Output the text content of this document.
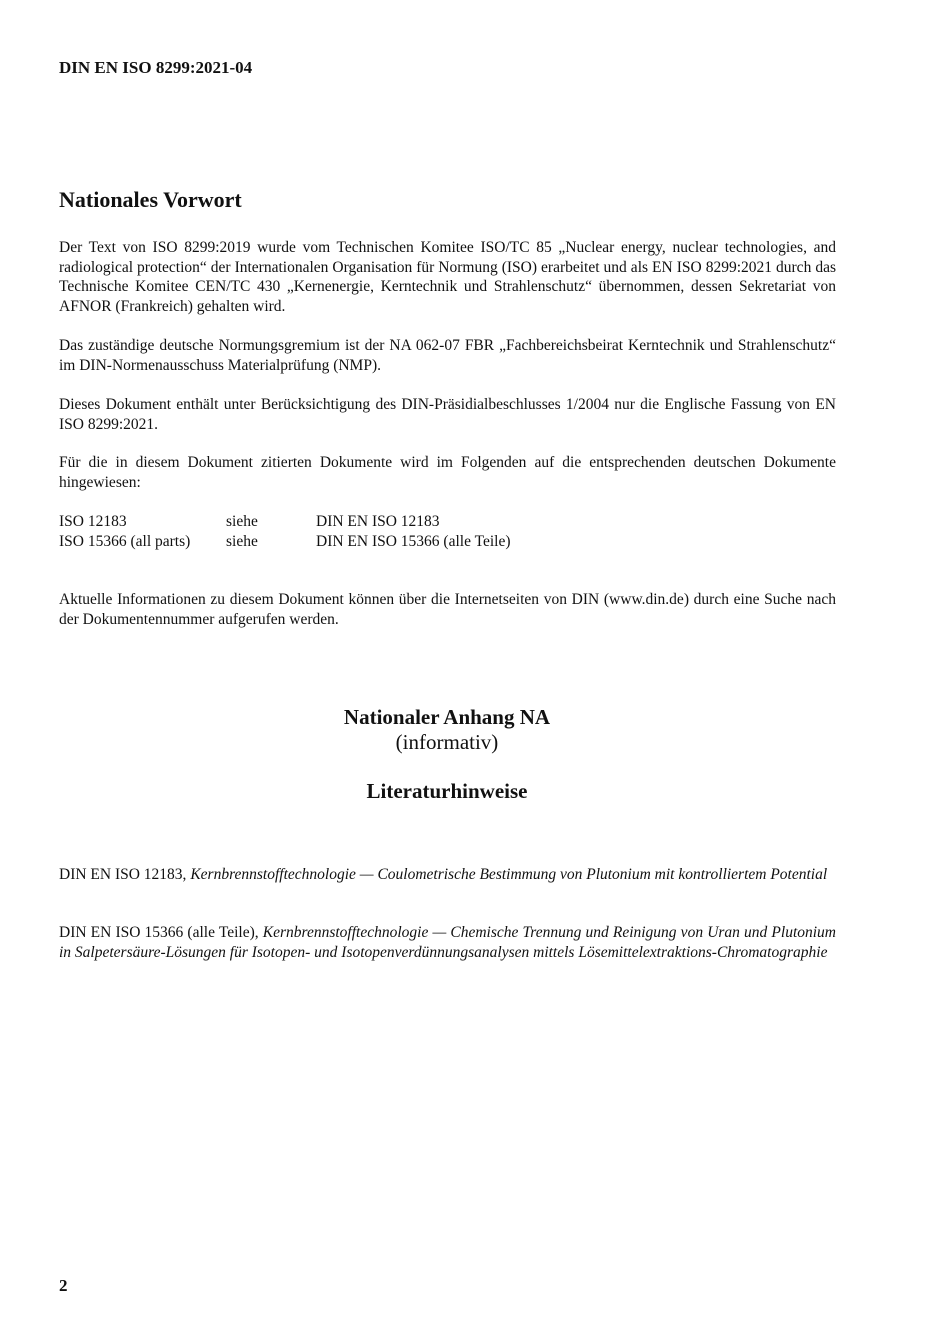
DIN EN ISO 8299:2021-04
Nationales Vorwort

Der Text von ISO 8299:2019 wurde vom Technischen Komitee ISO/TC 85 „Nuclear energy, nuclear technologies, and radiological protection“ der Internationalen Organisation für Normung (ISO) erarbeitet und als EN ISO 8299:2021 durch das Technische Komitee CEN/TC 430 „Kernenergie, Kerntechnik und Strahlenschutz“ übernommen, dessen Sekretariat von AFNOR (Frankreich) gehalten wird.

Das zuständige deutsche Normungsgremium ist der NA 062-07 FBR „Fachbereichsbeirat Kerntechnik und Strahlenschutz“ im DIN-Normenausschuss Materialprüfung (NMP).

Dieses Dokument enthält unter Berücksichtigung des DIN-Präsidialbeschlusses 1/2004 nur die Englische Fassung von EN ISO 8299:2021.

Für die in diesem Dokument zitierten Dokumente wird im Folgenden auf die entsprechenden deutschen Dokumente hingewiesen:

ISO 12183	siehe	DIN EN ISO 12183
ISO 15366 (all parts)	siehe	DIN EN ISO 15366 (alle Teile)

Aktuelle Informationen zu diesem Dokument können über die Internetseiten von DIN (www.din.de) durch eine Suche nach der Dokumentennummer aufgerufen werden.

Nationaler Anhang NA
(informativ)
Literaturhinweise

DIN EN ISO 12183, Kernbrennstofftechnologie — Coulometrische Bestimmung von Plutonium mit kontrolliertem Potential

DIN EN ISO 15366 (alle Teile), Kernbrennstofftechnologie — Chemische Trennung und Reinigung von Uran und Plutonium in Salpetersäure-Lösungen für Isotopen- und Isotopenverdünnungsanalysen mittels Lösemittelextraktions-Chromatographie

2
